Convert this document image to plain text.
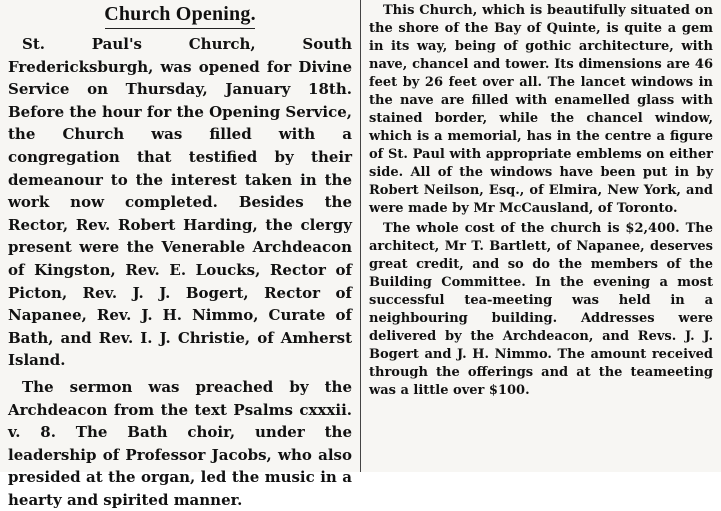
Church Opening.

St. Paul's Church, South Fredericksburgh, was opened for Divine Service on Thursday, January 18th. Before the hour for the Opening Service, the Church was filled with a congregation that testified by their demeanour to the interest taken in the work now completed. Besides the Rector, Rev. Robert Harding, the clergy present were the Venerable Archdeacon of Kingston, Rev. E. Loucks, Rector of Picton, Rev. J. J. Bogert, Rector of Napanee, Rev. J. H. Nimmo, Curate of Bath, and Rev. I. J. Christie, of Amherst Island.

The sermon was preached by the Archdeacon from the text Psalms cxxxii. v. 8. The Bath choir, under the leadership of Professor Jacobs, who also presided at the organ, led the music in a hearty and spirited manner.

This Church, which is beautifully situated on the shore of the Bay of Quinte, is quite a gem in its way, being of gothic architecture, with nave, chancel and tower. Its dimensions are 46 feet by 26 feet over all. The lancet windows in the nave are filled with enamelled glass with stained border, while the chancel window, which is a memorial, has in the centre a figure of St. Paul with appropriate emblems on either side. All of the windows have been put in by Robert Neilson, Esq., of Elmira, New York, and were made by Mr McCausland, of Toronto.

The whole cost of the church is $2,400. The architect, Mr T. Bartlett, of Napanee, deserves great credit, and so do the members of the Building Committee. In the evening a most successful tea-meeting was held in a neighbouring building. Addresses were delivered by the Archdeacon, and Revs. J. J. Bogert and J. H. Nimmo. The amount received through the offerings and at the teameeting was a little over $100.
